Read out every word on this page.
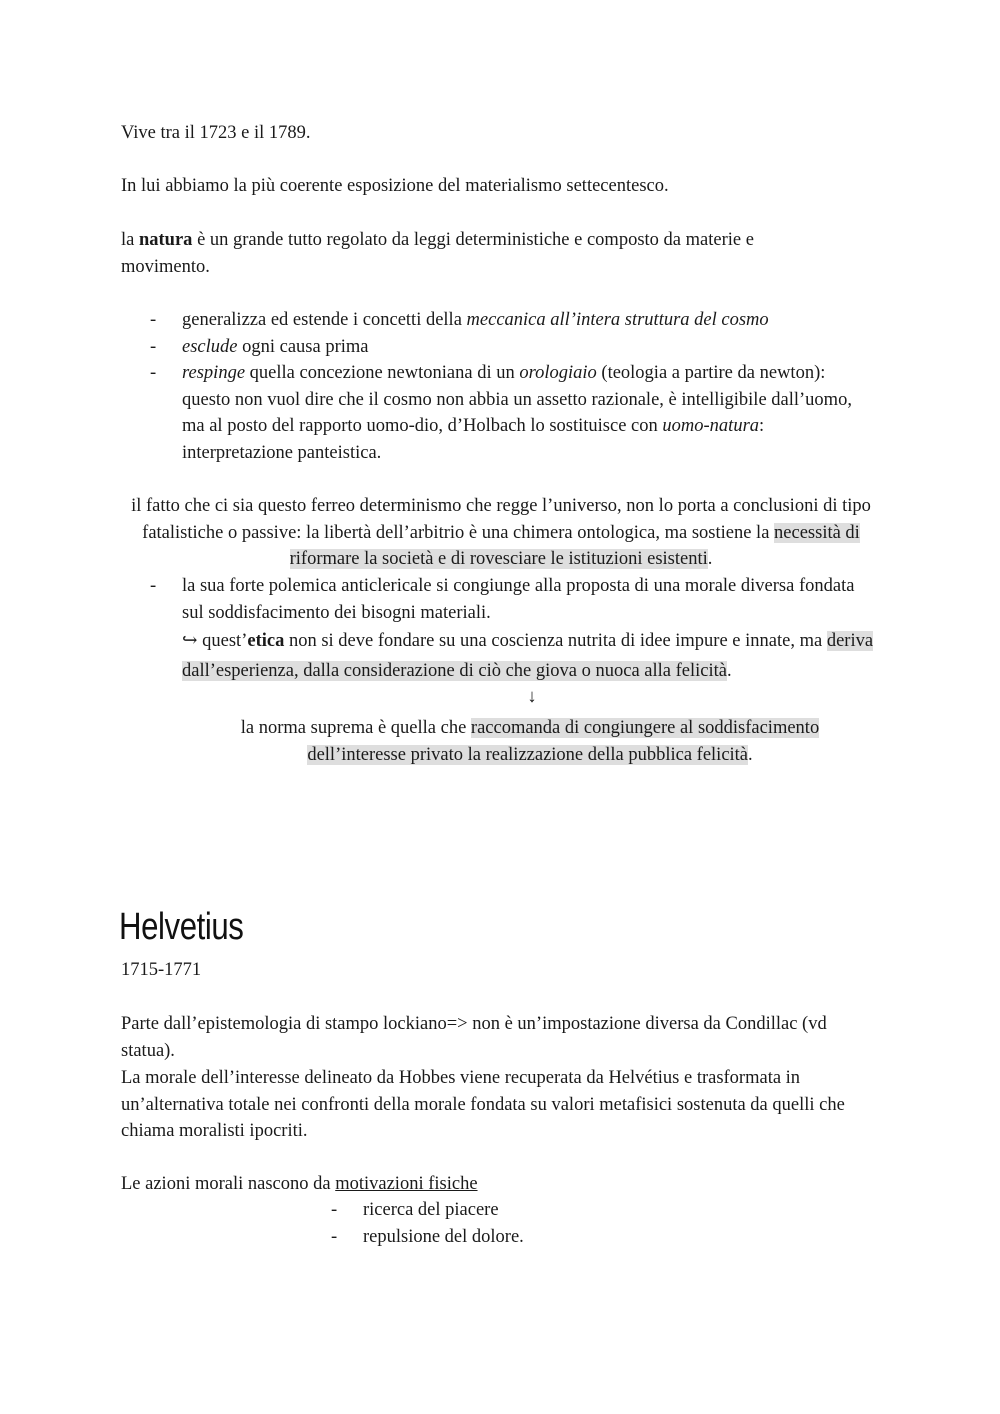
Vive tra il 1723 e il 1789.

In lui abbiamo la più coerente esposizione del materialismo settecentesco.

la natura è un grande tutto regolato da leggi deterministiche e composto da materie e movimento.

- generalizza ed estende i concetti della meccanica all’intera struttura del cosmo
- esclude ogni causa prima
- respinge quella concezione newtoniana di un orologiaio (teologia a partire da newton): questo non vuol dire che il cosmo non abbia un assetto razionale, è intelligibile dall’uomo, ma al posto del rapporto uomo-dio, d’Holbach lo sostituisce con uomo-natura: interpretazione panteistica.

il fatto che ci sia questo ferreo determinismo che regge l’universo, non lo porta a conclusioni di tipo fatalistiche o passive: la libertà dell’arbitrio è una chimera ontologica, ma sostiene la necessità di riformare la società e di rovesciare le istituzioni esistenti.

- la sua forte polemica anticlericale si congiunge alla proposta di una morale diversa fondata sul soddisfacimento dei bisogni materiali.

↪ quest’etica non si deve fondare su una coscienza nutrita di idee impure e innate, ma deriva dall’esperienza, dalla considerazione di ciò che giova o nuoca alla felicità.

↓

la norma suprema è quella che raccomanda di congiungere al soddisfacimento dell’interesse privato la realizzazione della pubblica felicità.

Helvetius

1715-1771

Parte dall’epistemologia di stampo lockiano=> non è un’impostazione diversa da Condillac (vd statua).

La morale dell’interesse delineato da Hobbes viene recuperata da Helvétius e trasformata in un’alternativa totale nei confronti della morale fondata su valori metafisici sostenuta da quelli che chiama moralisti ipocriti.

Le azioni morali nascono da motivazioni fisiche

- ricerca del piacere
- repulsione del dolore.
